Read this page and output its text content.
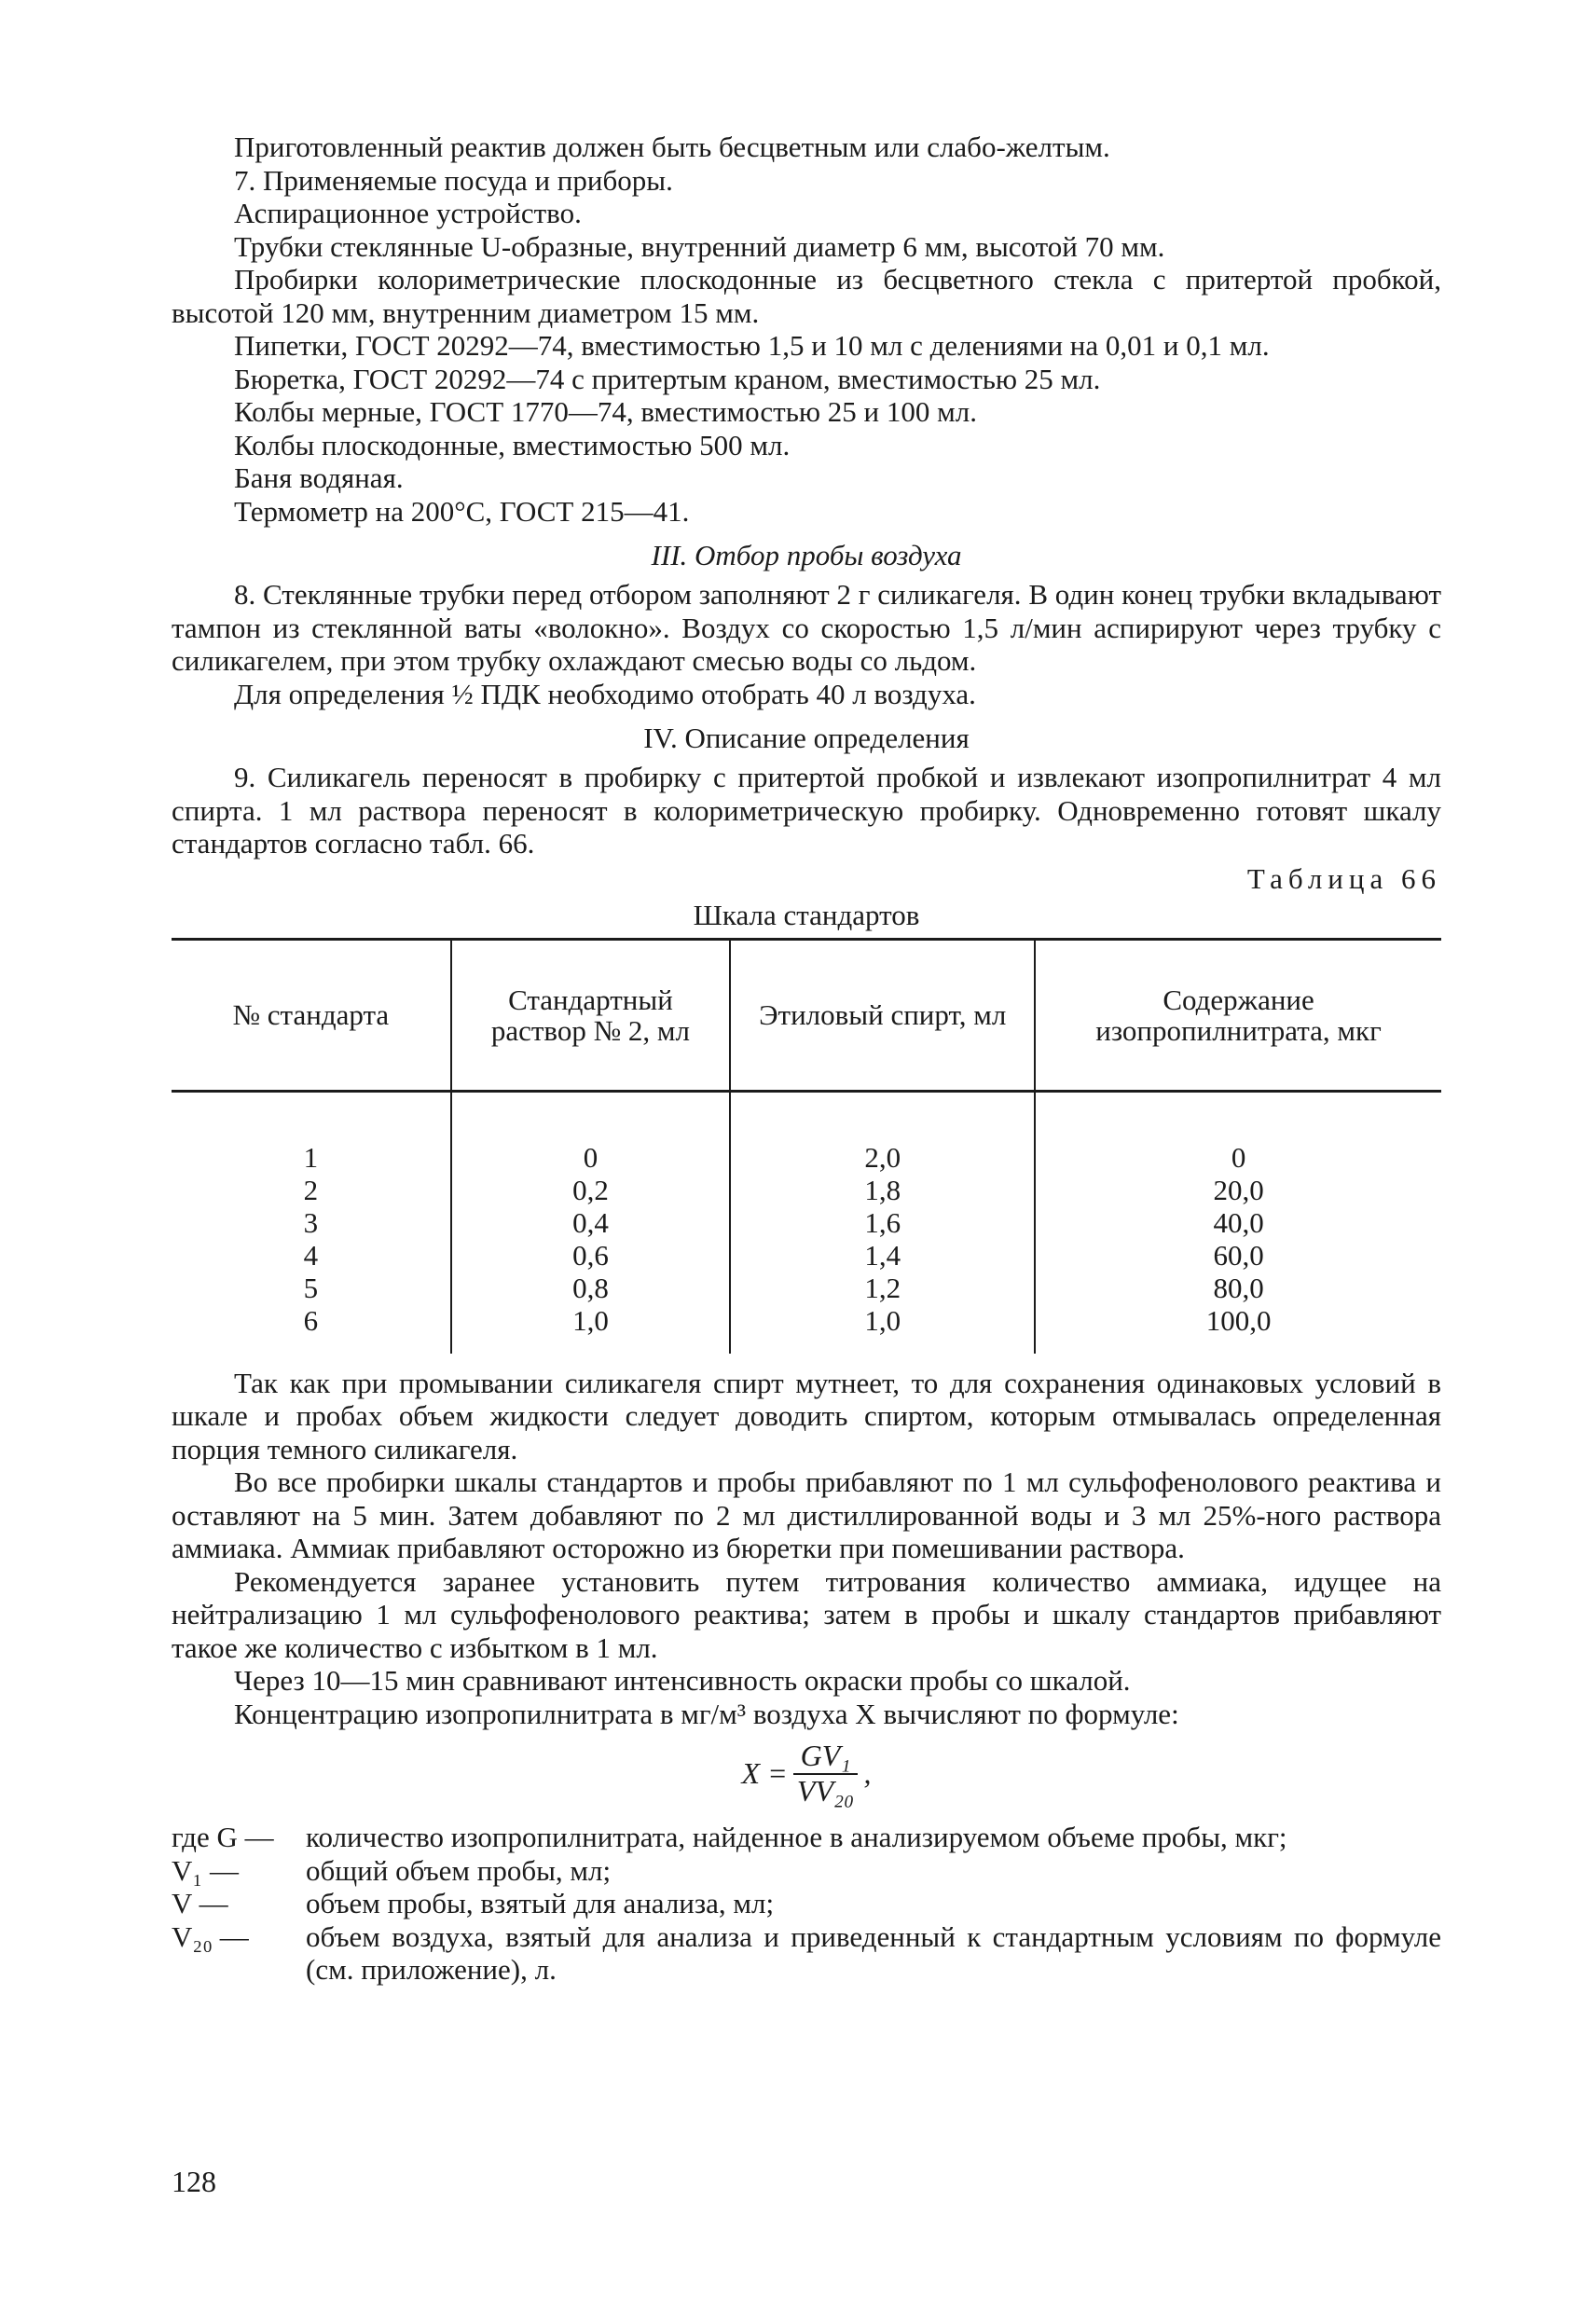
Приготовленный реактив должен быть бесцветным или слабо-желтым.

7. Применяемые посуда и приборы.

Аспирационное устройство.

Трубки стеклянные U-образные, внутренний диаметр 6 мм, высотой 70 мм.

Пробирки колориметрические плоскодонные из бесцветного стекла с притертой пробкой, высотой 120 мм, внутренним диаметром 15 мм.

Пипетки, ГОСТ 20292—74, вместимостью 1,5 и 10 мл с делениями на 0,01 и 0,1 мл.

Бюретка, ГОСТ 20292—74 с притертым краном, вместимостью 25 мл.

Колбы мерные, ГОСТ 1770—74, вместимостью 25 и 100 мл.

Колбы плоскодонные, вместимостью 500 мл.

Баня водяная.

Термометр на 200°С, ГОСТ 215—41.

III. Отбор пробы воздуха

8. Стеклянные трубки перед отбором заполняют 2 г силикагеля. В один конец трубки вкладывают тампон из стеклянной ваты «волокно». Воздух со скоростью 1,5 л/мин аспирируют через трубку с силикагелем, при этом трубку охлаждают смесью воды со льдом.

Для определения ½ ПДК необходимо отобрать 40 л воздуха.

IV. Описание определения

9. Силикагель переносят в пробирку с притертой пробкой и извлекают изопропилнитрат 4 мл спирта. 1 мл раствора переносят в колориметрическую пробирку. Одновременно готовят шкалу стандартов согласно табл. 66.

Таблица 66
Шкала стандартов
№ стандарта	Стандартный раствор № 2, мл	Этиловый спирт, мл	Содержание изопропилнитрата, мкг

1	0	2,0	0
2	0,2	1,8	20,0
3	0,4	1,6	40,0
4	0,6	1,4	60,0
5	0,8	1,2	80,0
6	1,0	1,0	100,0

Так как при промывании силикагеля спирт мутнеет, то для сохранения одинаковых условий в шкале и пробах объем жидкости следует доводить спиртом, которым отмывалась определенная порция темного силикагеля.

Во все пробирки шкалы стандартов и пробы прибавляют по 1 мл сульфофенолового реактива и оставляют на 5 мин. Затем добавляют по 2 мл дистиллированной воды и 3 мл 25%-ного раствора аммиака. Аммиак прибавляют осторожно из бюретки при помешивании раствора.

Рекомендуется заранее установить путем титрования количество аммиака, идущее на нейтрализацию 1 мл сульфофенолового реактива; затем в пробы и шкалу стандартов прибавляют такое же количество с избытком в 1 мл.

Через 10—15 мин сравнивают интенсивность окраски пробы со шкалой.

Концентрацию изопропилнитрата в мг/м³ воздуха X вычисляют по формуле:

$X = \frac{\text{GV₁}}{\text{VV₂₀}}$ ,
где G —	количество изопропилнитрата, найденное в анализируемом объеме пробы, мкг;
V₁ —	общий объем пробы, мл;
V —	объем пробы, взятый для анализа, мл;
V₂₀ —	объем воздуха, взятый для анализа и приведенный к стандартным условиям по формуле (см. приложение), л.
128
